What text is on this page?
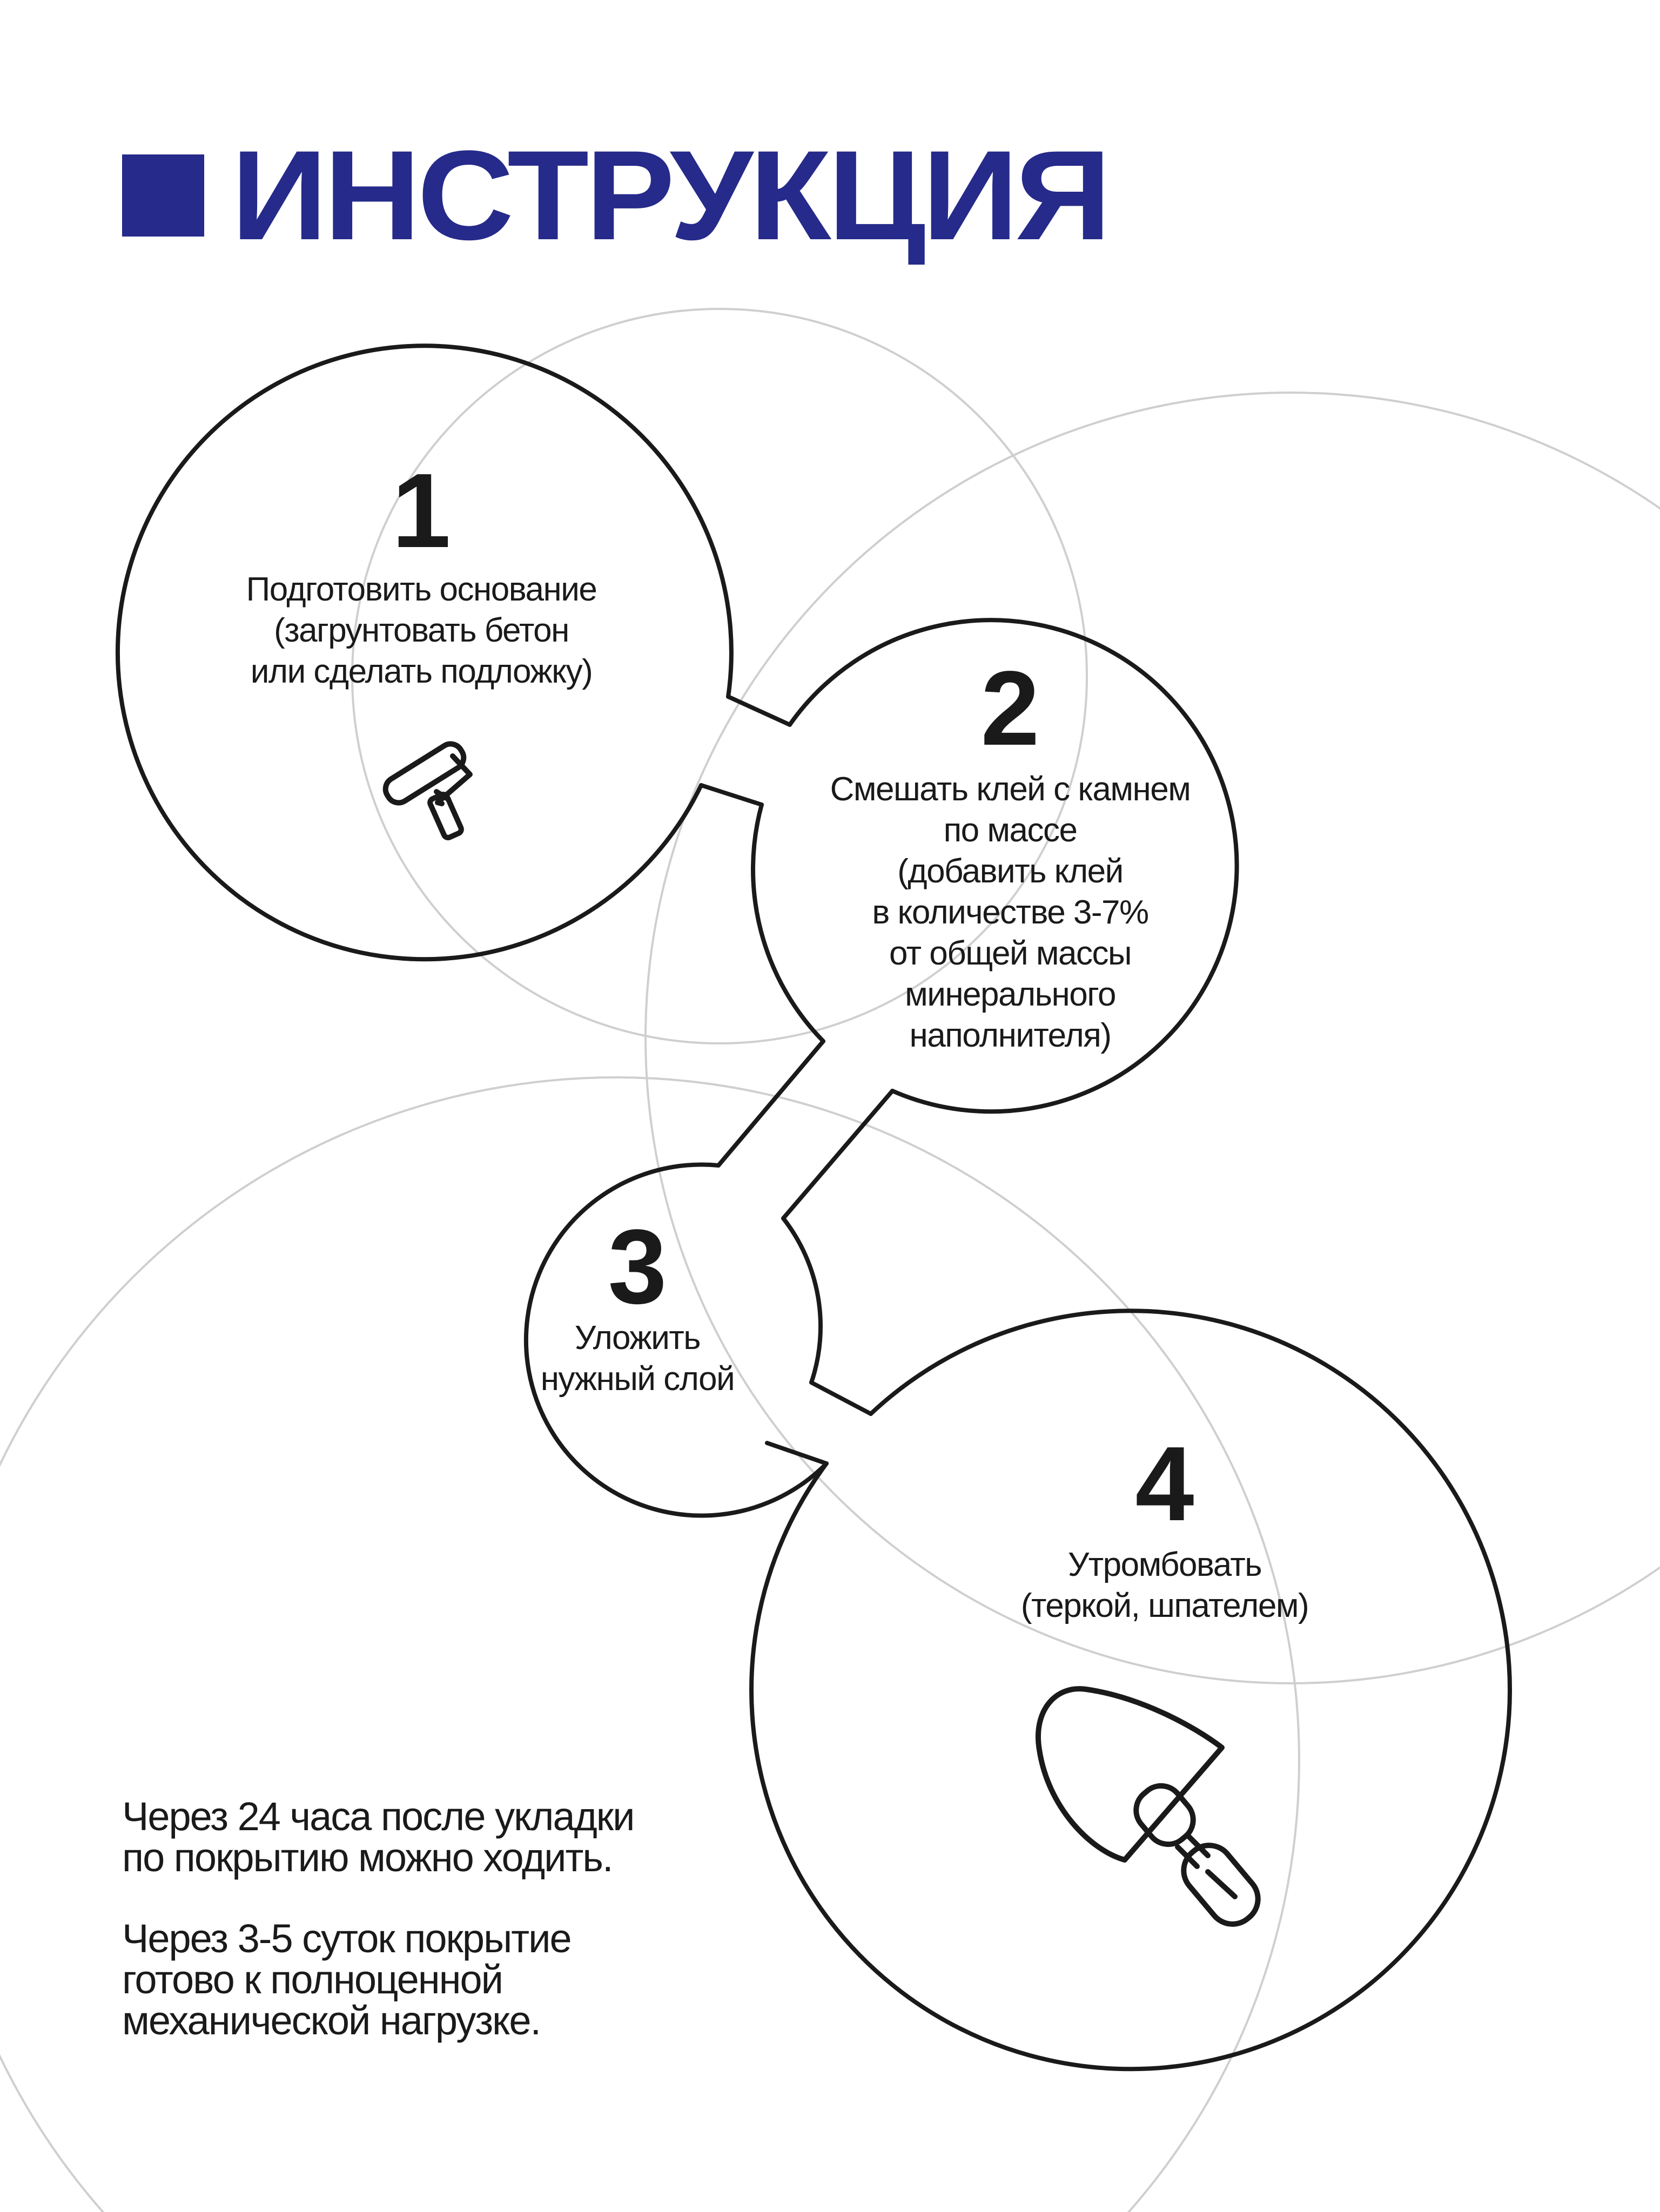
ИНСТРУКЦИЯ
1
Подготовить основание
(загрунтовать бетон
или сделать подложку)	2
Смешать клей с камнем
по массе
(добавить клей
в количестве 3-7%
от общей массы
минерального
наполнителя)
3
Уложить
нужный слой
4
Утромбовать
(теркой, шпателем)

Через 24 часа после укладки

по покрытию можно ходить.

Через 3-5 суток покрытие

готово к полноценной

механической нагрузке.
